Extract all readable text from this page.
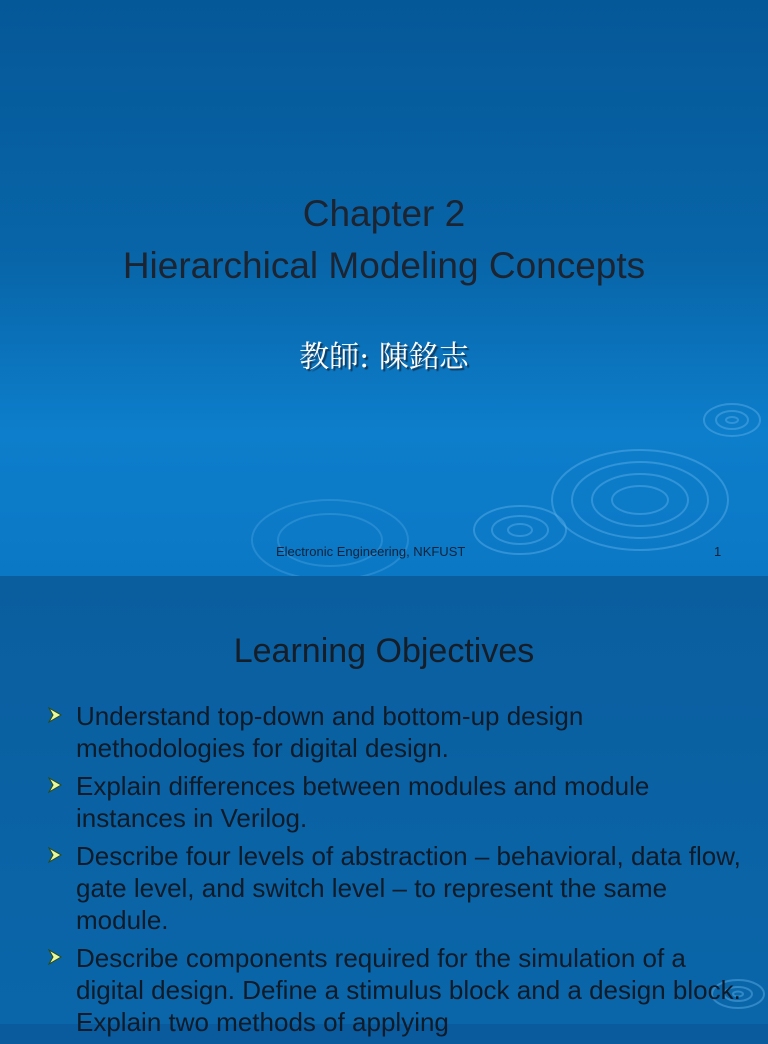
Chapter 2
Hierarchical Modeling Concepts
教師: 陳銘志
Electronic Engineering, NKFUST	1
Learning Objectives
Understand top-down and bottom-up design methodologies for digital design.
Explain differences between modules and module instances in Verilog.
Describe four levels of abstraction – behavioral, data flow, gate level, and switch level – to represent the same module.
Describe components required for the simulation of a digital design. Define a stimulus block and a design block. Explain two methods of applying
